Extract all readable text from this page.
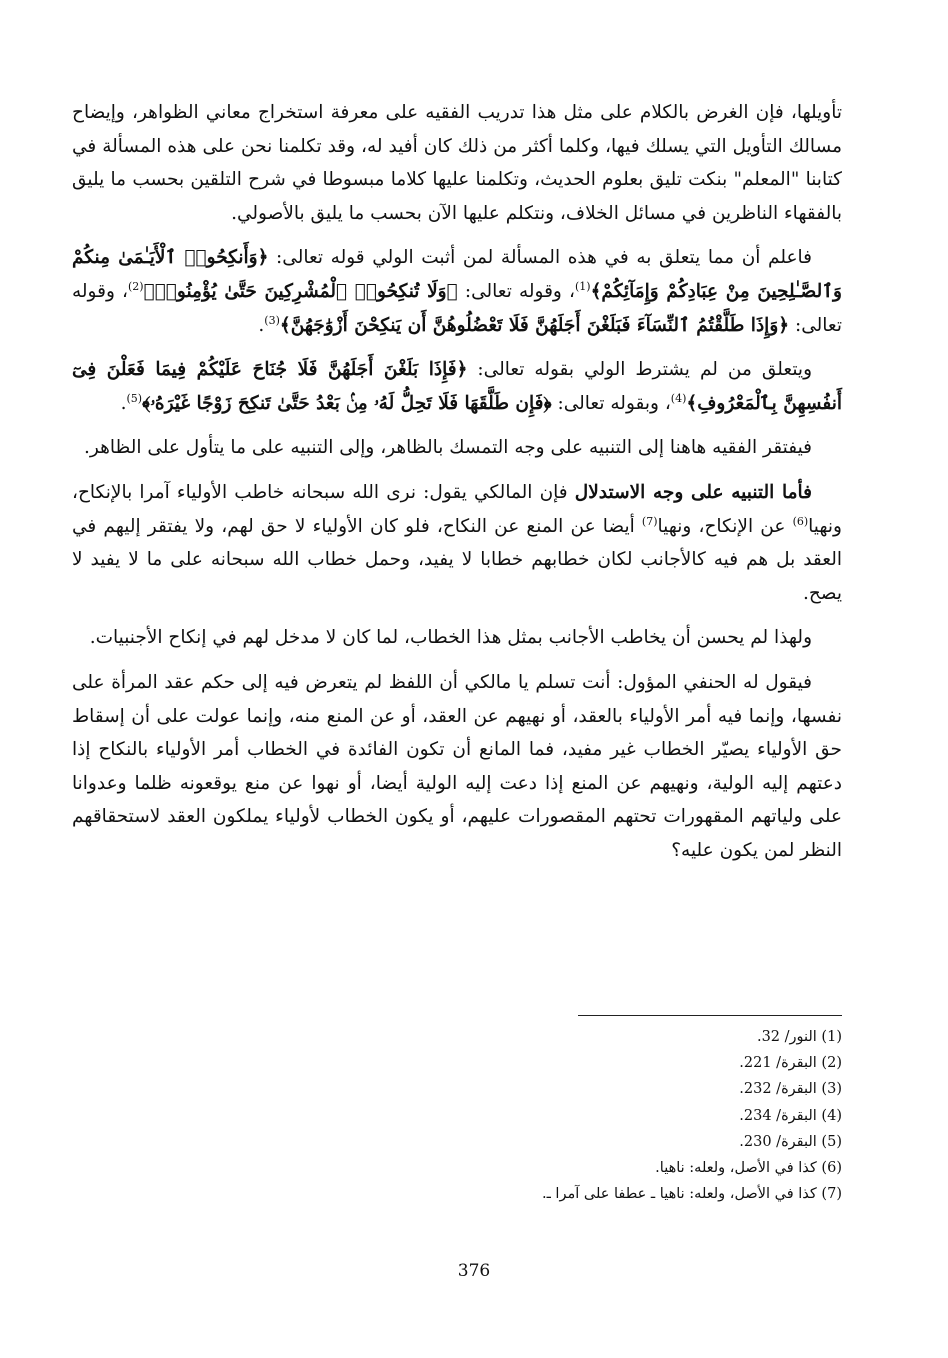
تأويلها، فإن الغرض بالكلام على مثل هذا تدريب الفقيه على معرفة استخراج معاني الظواهر، وإيضاح مسالك التأويل التي يسلك فيها، وكلما أكثر من ذلك كان أفيد له، وقد تكلمنا نحن على هذه المسألة في كتابنا "المعلم" بنكت تليق بعلوم الحديث، وتكلمنا عليها كلاما مبسوطا في شرح التلقين بحسب ما يليق بالفقهاء الناظرين في مسائل الخلاف، ونتكلم عليها الآن بحسب ما يليق بالأصولي.

فاعلم أن مما يتعلق به في هذه المسألة لمن أثبت الولي قوله تعالى: ﴿وَأَنكِحُوا۟ ٱلْأَيَـٰمَىٰ مِنكُمْ وَٱلصَّـٰلِحِينَ مِنْ عِبَادِكُمْ وَإِمَآئِكُمْ﴾$^{(1)}$، وقوله تعالى: ﴿وَلَا تُنكِحُوا۟ ٱلْمُشْرِكِينَ حَتَّىٰ يُؤْمِنُوا۟﴾$^{(2)}$، وقوله تعالى: ﴿وَإِذَا طَلَّقْتُمُ ٱلنِّسَآءَ فَبَلَغْنَ أَجَلَهُنَّ فَلَا تَعْضُلُوهُنَّ أَن يَنكِحْنَ أَزْوَٰجَهُنَّ﴾$^{(3)}$.

ويتعلق من لم يشترط الولي بقوله تعالى: ﴿فَإِذَا بَلَغْنَ أَجَلَهُنَّ فَلَا جُنَاحَ عَلَيْكُمْ فِيمَا فَعَلْنَ فِىٓ أَنفُسِهِنَّ بِٱلْمَعْرُوفِ﴾$^{(4)}$، وبقوله تعالى: ﴿فَإِن طَلَّقَهَا فَلَا تَحِلُّ لَهُۥ مِنۢ بَعْدُ حَتَّىٰ تَنكِحَ زَوْجًا غَيْرَهُۥ﴾$^{(5)}$.

فيفتقر الفقيه هاهنا إلى التنبيه على وجه التمسك بالظاهر، وإلى التنبيه على ما يتأول على الظاهر.

فأما التنبيه على وجه الاستدلال فإن المالكي يقول: نرى الله سبحانه خاطب الأولياء آمرا بالإنكاح، ونهيا$^{(6)}$ عن الإنكاح، ونهيا$^{(7)}$ أيضا عن المنع عن النكاح، فلو كان الأولياء لا حق لهم، ولا يفتقر إليهم في العقد بل هم فيه كالأجانب لكان خطابهم خطابا لا يفيد، وحمل خطاب الله سبحانه على ما لا يفيد لا يصح.

ولهذا لم يحسن أن يخاطب الأجانب بمثل هذا الخطاب، لما كان لا مدخل لهم في إنكاح الأجنبيات.

فيقول له الحنفي المؤول: أنت تسلم يا مالكي أن اللفظ لم يتعرض فيه إلى حكم عقد المرأة على نفسها، وإنما فيه أمر الأولياء بالعقد، أو نهيهم عن العقد، أو عن المنع منه، وإنما عولت على أن إسقاط حق الأولياء يصيّر الخطاب غير مفيد، فما المانع أن تكون الفائدة في الخطاب أمر الأولياء بالنكاح إذا دعتهم إليه الولية، ونهيهم عن المنع إذا دعت إليه الولية أيضا، أو نهوا عن منع يوقعونه ظلما وعدوانا على ولياتهم المقهورات تحتهم المقصورات عليهم، أو يكون الخطاب لأولياء يملكون العقد لاستحقاقهم النظر لمن يكون عليه؟

(1) النور/ 32.

(2) البقرة/ 221.

(3) البقرة/ 232.

(4) البقرة/ 234.

(5) البقرة/ 230.

(6) كذا في الأصل، ولعله: ناهيا.

(7) كذا في الأصل، ولعله: ناهيا ـ عطفا على آمرا ـ.

376
